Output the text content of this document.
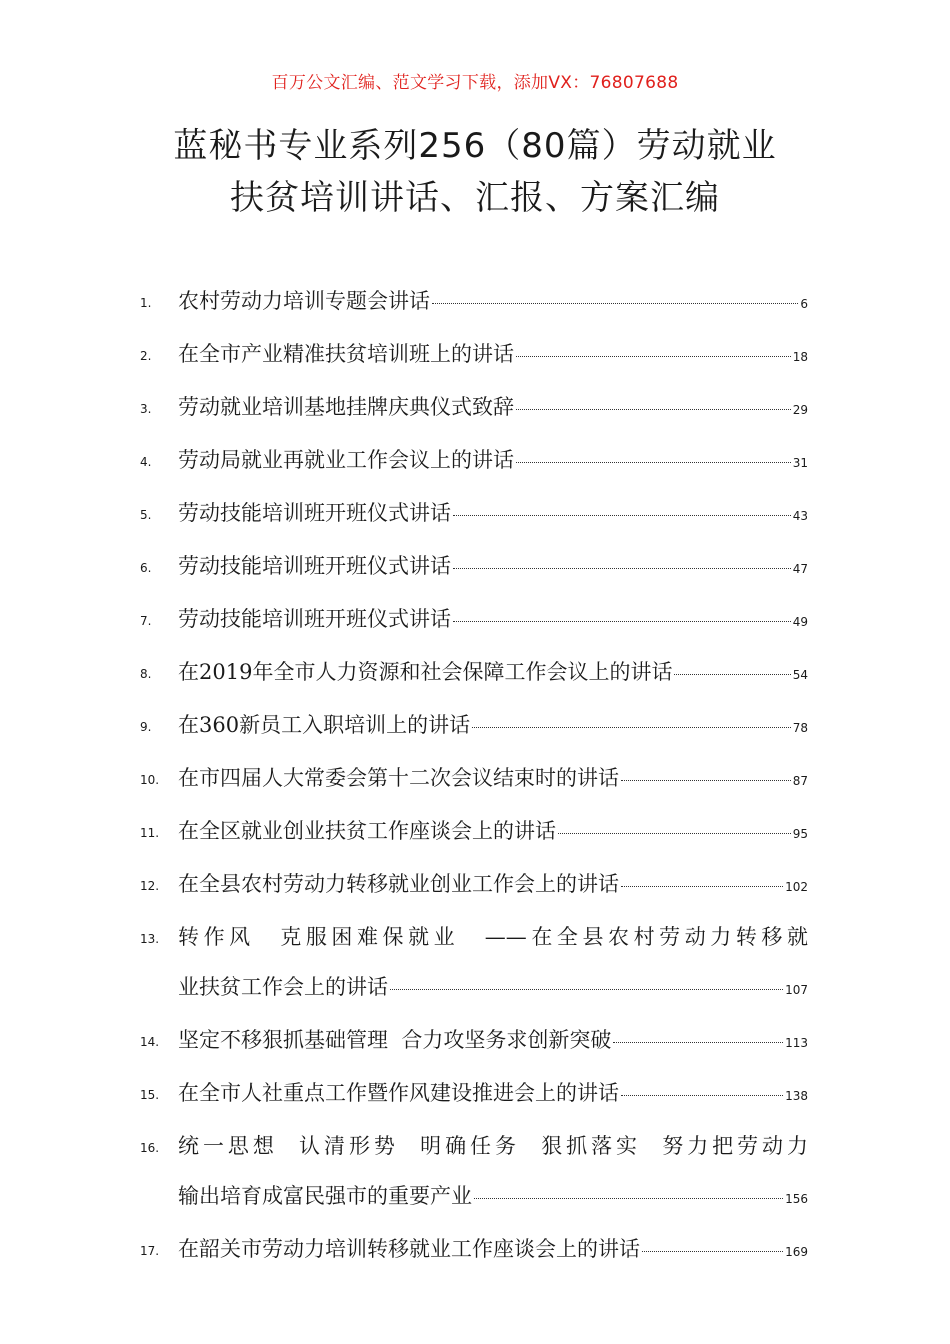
百万公文汇编、范文学习下载，添加VX：76807688
蓝秘书专业系列256（80篇）劳动就业
扶贫培训讲话、汇报、方案汇编
1.	农村劳动力培训专题会讲话	6
2.	在全市产业精准扶贫培训班上的讲话	18
3.	劳动就业培训基地挂牌庆典仪式致辞	29
4.	劳动局就业再就业工作会议上的讲话	31
5.	劳动技能培训班开班仪式讲话	43
6.	劳动技能培训班开班仪式讲话	47
7.	劳动技能培训班开班仪式讲话	49
8.	在2019年全市人力资源和社会保障工作会议上的讲话	54
9.	在360新员工入职培训上的讲话	78
10. 在市四届人大常委会第十二次会议结束时的讲话	87
11. 在全区就业创业扶贫工作座谈会上的讲话	95
12. 在全县农村劳动力转移就业创业工作会上的讲话	102
13. 转作风　克服困难保就业　——在全县农村劳动力转移就
业扶贫工作会上的讲话	107
14. 坚定不移狠抓基础管理  合力攻坚务求创新突破	113
15. 在全市人社重点工作暨作风建设推进会上的讲话	138
16. 统一思想  认清形势  明确任务  狠抓落实  努力把劳动力
输出培育成富民强市的重要产业	156
17. 在韶关市劳动力培训转移就业工作座谈会上的讲话	169
